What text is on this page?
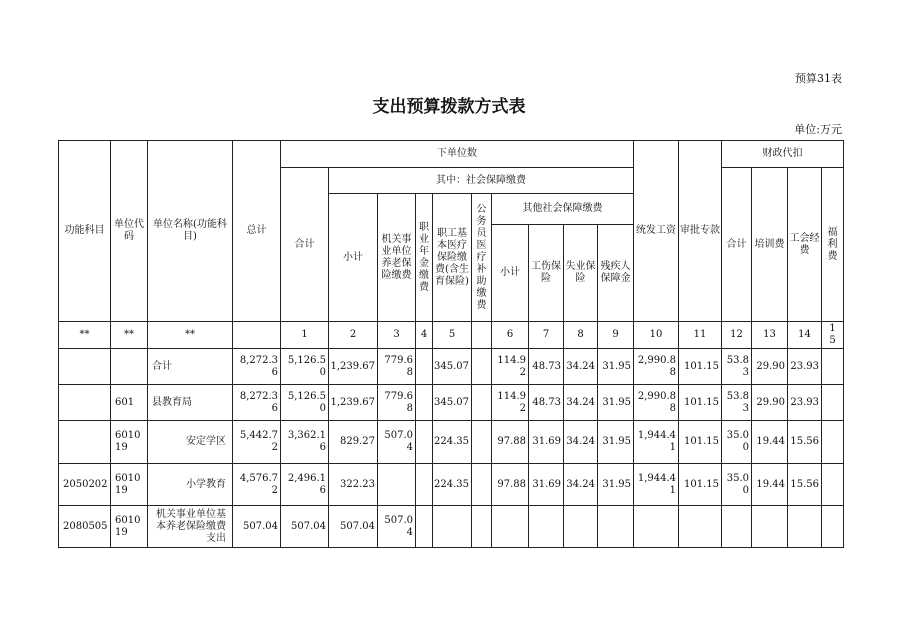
预算31表
支出预算拨款方式表
单位:万元
功能科目	单位代码	单位名称(功能科目)	总计	下单位数										统发工资	审批专款	财政代扣			
				合计	其中：社会保障缴费											合计	培训费	工会经费	福利费
					小计	机关事业单位养老保险缴费	职业年金缴费	职工基本医疗保险缴费(含生育保险)	公务员医疗补助缴费	其他社会保障缴费									
										小计	工伤保险	失业保险	残疾人保障金						
**	**	**		1	2	3	4	5		6	7	8	9	10	11	12	13	14	15
		合计	8,272.36	5,126.50	1,239.67	779.68		345.07		114.92	48.73	34.24	31.95	2,990.88	101.15	53.83	29.90	23.93	
	601	县教育局	8,272.36	5,126.50	1,239.67	779.68		345.07		114.92	48.73	34.24	31.95	2,990.88	101.15	53.83	29.90	23.93	
	601019	安定学区	5,442.72	3,362.16	829.27	507.04		224.35		97.88	31.69	34.24	31.95	1,944.41	101.15	35.00	19.44	15.56	
2050202	601019	小学教育	4,576.72	2,496.16	322.23			224.35		97.88	31.69	34.24	31.95	1,944.41	101.15	35.00	19.44	15.56	
2080505	601019	机关事业单位基本养老保险缴费支出	507.04	507.04	507.04	507.04													
